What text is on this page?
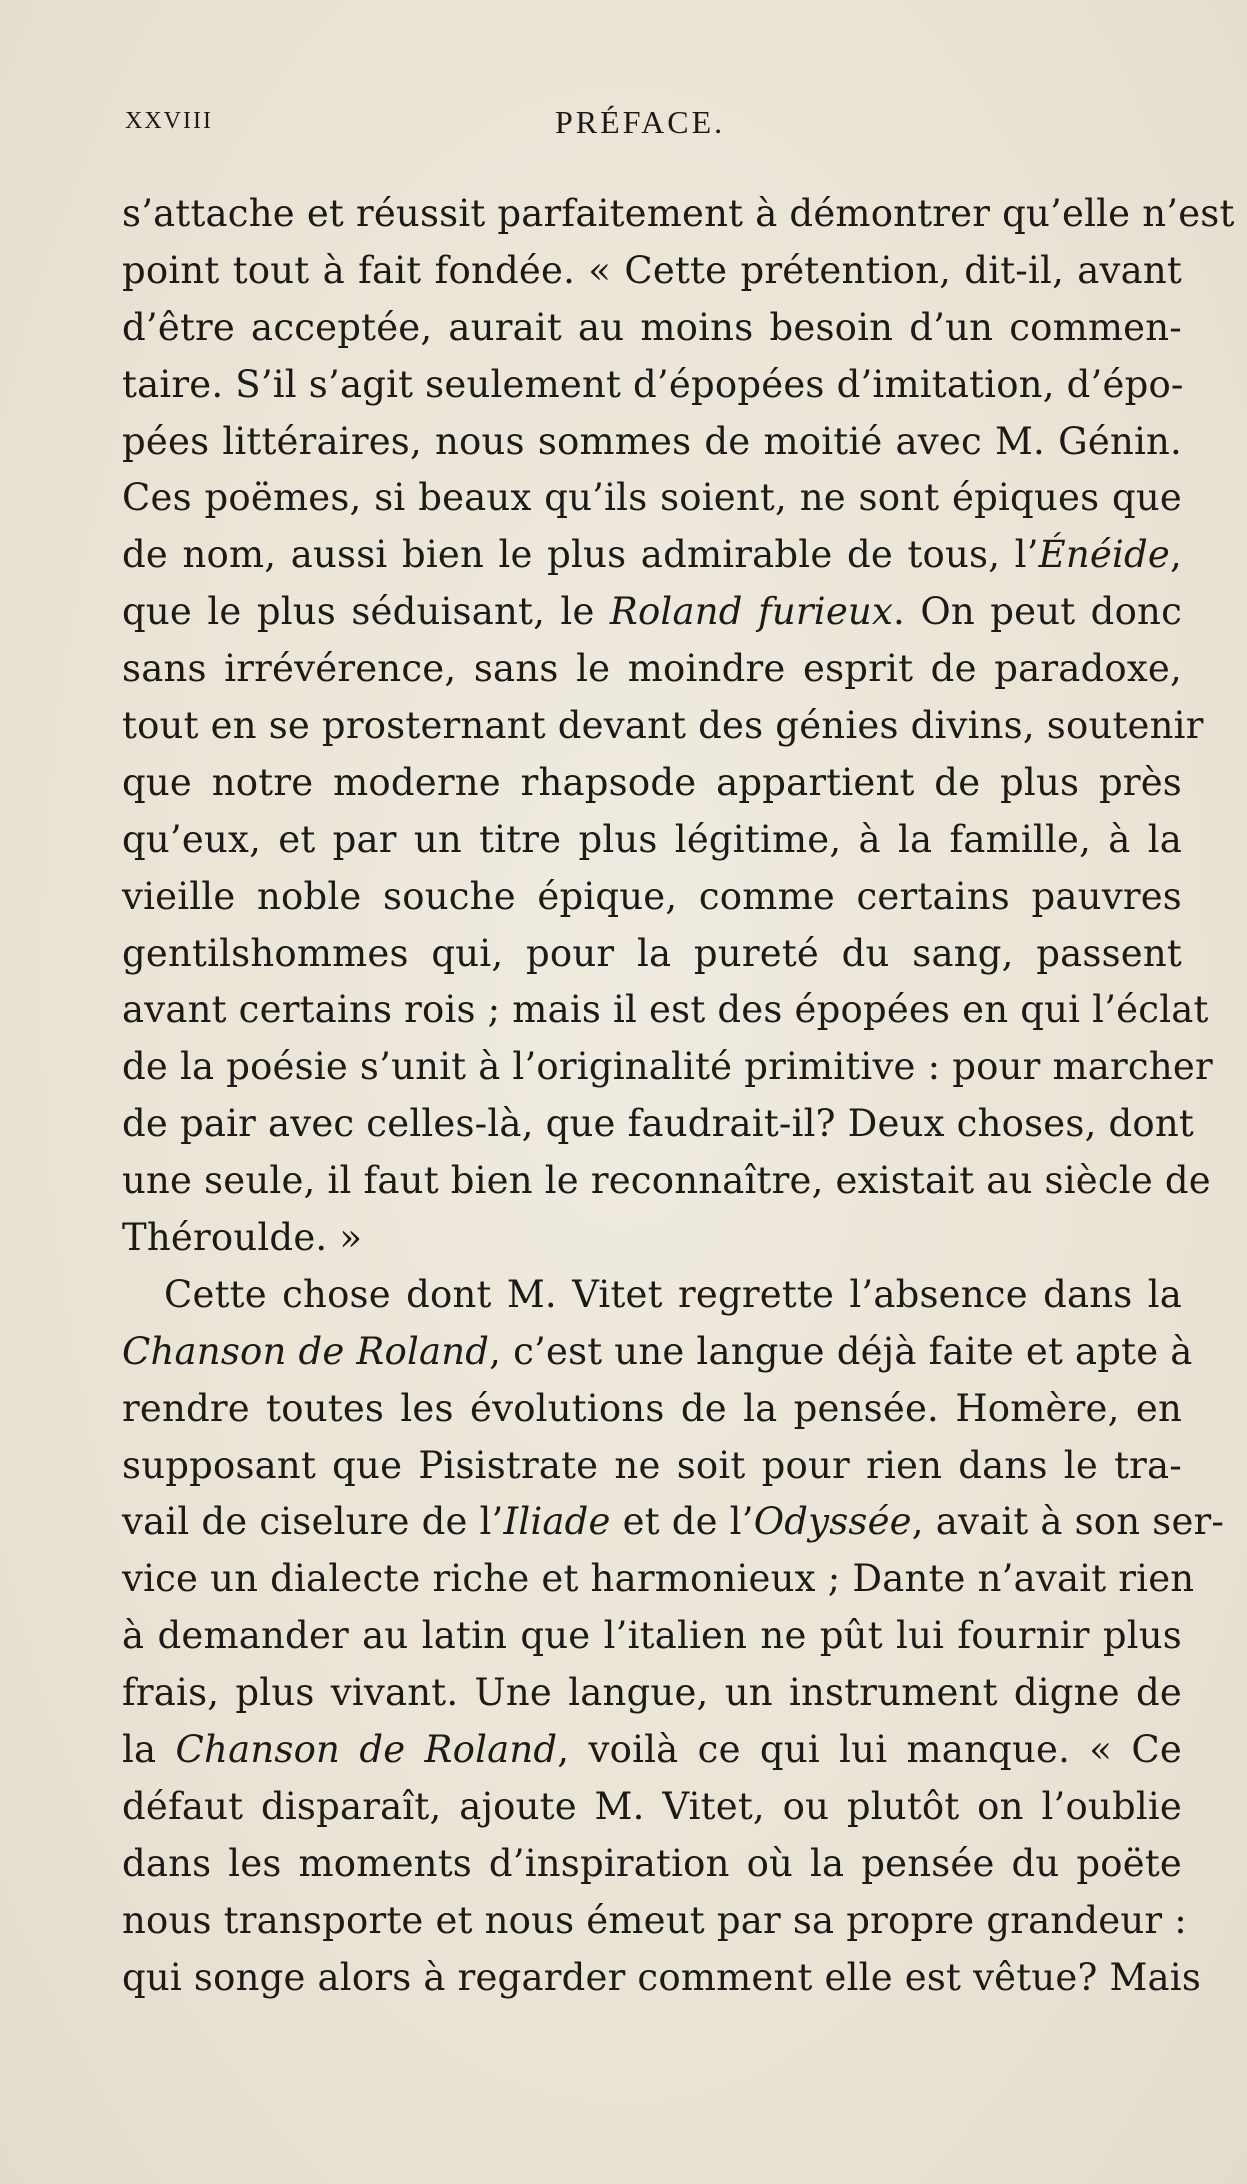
XXVIII	PRÉFACE.
s’attache et réussit parfaitement à démontrer qu’elle n’est
point tout à fait fondée. « Cette prétention, dit-il, avant
d’être acceptée, aurait au moins besoin d’un commen-
taire. S’il s’agit seulement d’épopées d’imitation, d’épo-
pées littéraires, nous sommes de moitié avec M. Génin.
Ces poëmes, si beaux qu’ils soient, ne sont épiques que
de nom, aussi bien le plus admirable de tous, l’Énéide,
que le plus séduisant, le Roland furieux. On peut donc
sans irrévérence, sans le moindre esprit de paradoxe,
tout en se prosternant devant des génies divins, soutenir
que notre moderne rhapsode appartient de plus près
qu’eux, et par un titre plus légitime, à la famille, à la
vieille noble souche épique, comme certains pauvres
gentilshommes qui, pour la pureté du sang, passent
avant certains rois ; mais il est des épopées en qui l’éclat
de la poésie s’unit à l’originalité primitive : pour marcher
de pair avec celles-là, que faudrait-il? Deux choses, dont
une seule, il faut bien le reconnaître, existait au siècle de
Théroulde. »
Cette chose dont M. Vitet regrette l’absence dans la
Chanson de Roland, c’est une langue déjà faite et apte à
rendre toutes les évolutions de la pensée. Homère, en
supposant que Pisistrate ne soit pour rien dans le tra-
vail de ciselure de l’Iliade et de l’Odyssée, avait à son ser-
vice un dialecte riche et harmonieux ; Dante n’avait rien
à demander au latin que l’italien ne pût lui fournir plus
frais, plus vivant. Une langue, un instrument digne de
la Chanson de Roland, voilà ce qui lui manque. « Ce
défaut disparaît, ajoute M. Vitet, ou plutôt on l’oublie
dans les moments d’inspiration où la pensée du poëte
nous transporte et nous émeut par sa propre grandeur :
qui songe alors à regarder comment elle est vêtue? Mais
